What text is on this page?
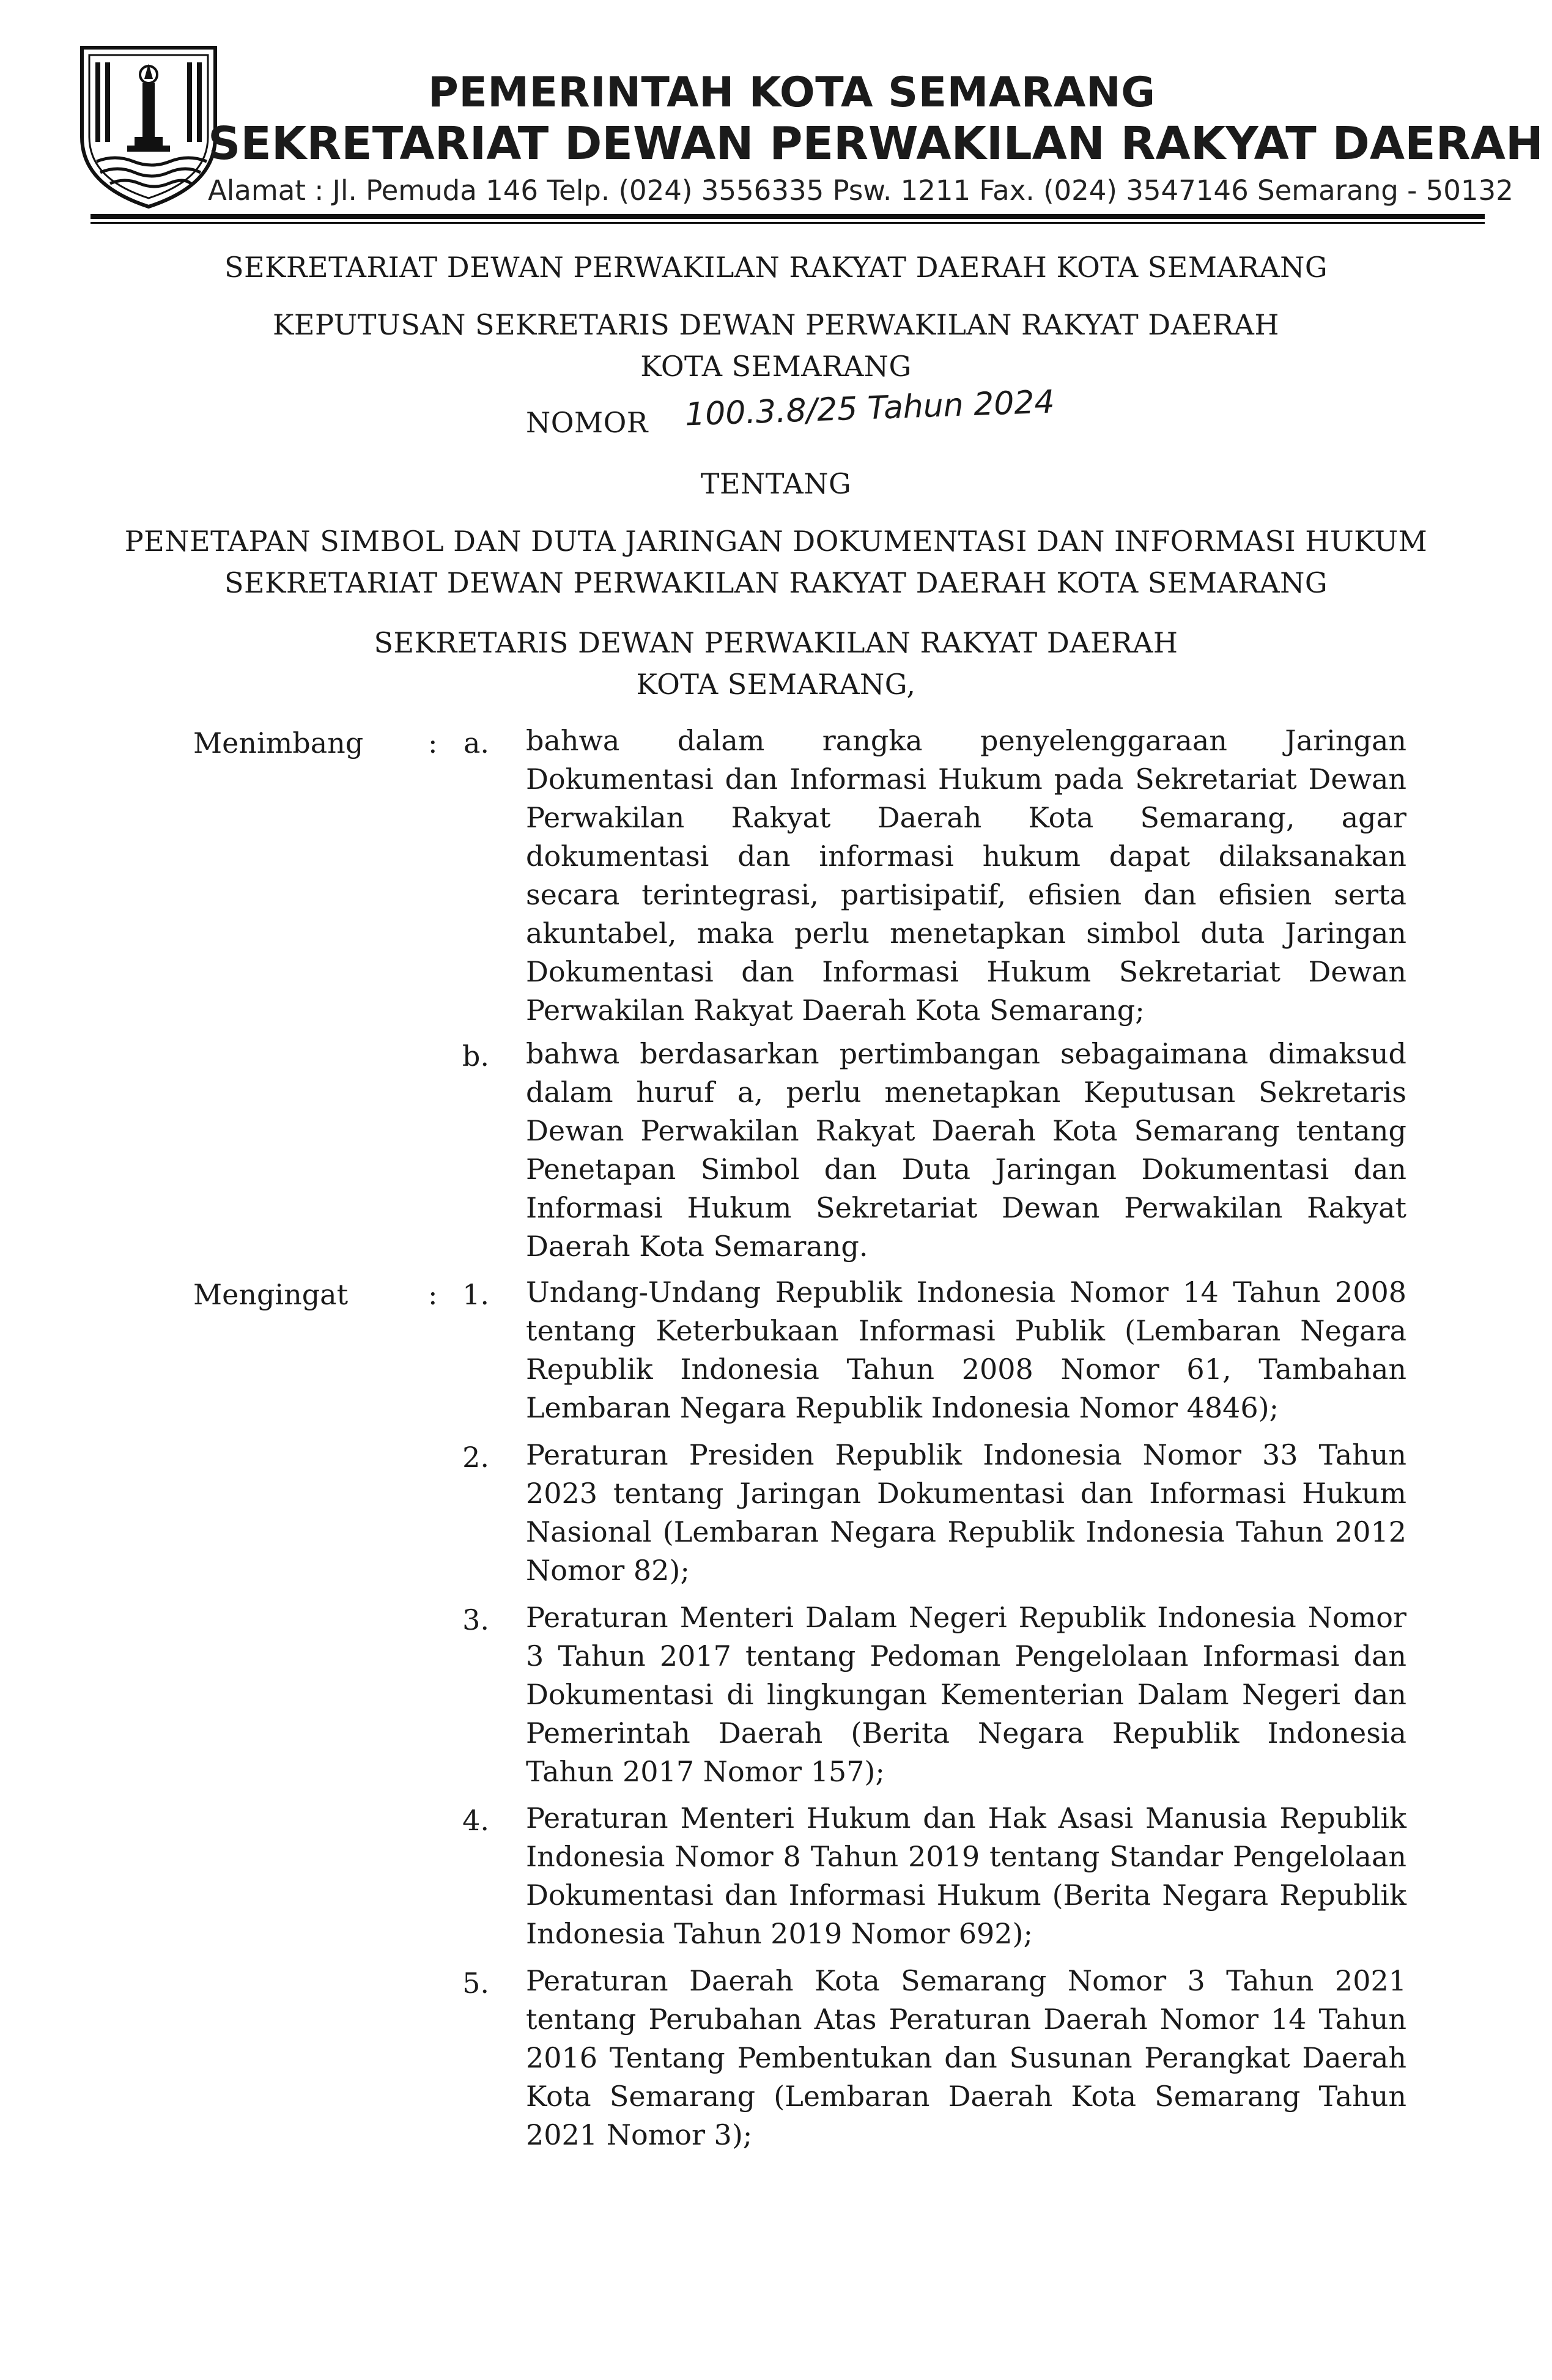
PEMERINTAH KOTA SEMARANG
SEKRETARIAT DEWAN PERWAKILAN RAKYAT DAERAH
Alamat : Jl. Pemuda 146 Telp. (024) 3556335 Psw. 1211 Fax. (024) 3547146 Semarang - 50132
SEKRETARIAT DEWAN PERWAKILAN RAKYAT DAERAH KOTA SEMARANG
KEPUTUSAN SEKRETARIS DEWAN PERWAKILAN RAKYAT DAERAH
KOTA SEMARANG
NOMOR 100.3.8/25 Tahun 2024
TENTANG
PENETAPAN SIMBOL DAN DUTA JARINGAN DOKUMENTASI DAN INFORMASI HUKUM
SEKRETARIAT DEWAN PERWAKILAN RAKYAT DAERAH KOTA SEMARANG
SEKRETARIS DEWAN PERWAKILAN RAKYAT DAERAH
KOTA SEMARANG,
Menimbang : a. bahwa dalam rangka penyelenggaraan Jaringan Dokumentasi dan Informasi Hukum pada Sekretariat Dewan Perwakilan Rakyat Daerah Kota Semarang, agar dokumentasi dan informasi hukum dapat dilaksanakan secara terintegrasi, partisipatif, efisien dan efisien serta akuntabel, maka perlu menetapkan simbol duta Jaringan Dokumentasi dan Informasi Hukum Sekretariat Dewan Perwakilan Rakyat Daerah Kota Semarang;
b. bahwa berdasarkan pertimbangan sebagaimana dimaksud dalam huruf a, perlu menetapkan Keputusan Sekretaris Dewan Perwakilan Rakyat Daerah Kota Semarang tentang Penetapan Simbol dan Duta Jaringan Dokumentasi dan Informasi Hukum Sekretariat Dewan Perwakilan Rakyat Daerah Kota Semarang.
Mengingat	: 1. Undang-Undang Republik Indonesia Nomor 14 Tahun 2008 tentang Keterbukaan Informasi Publik (Lembaran Negara Republik Indonesia Tahun 2008 Nomor 61, Tambahan Lembaran Negara Republik Indonesia Nomor 4846);
2. Peraturan Presiden Republik Indonesia Nomor 33 Tahun 2023 tentang Jaringan Dokumentasi dan Informasi Hukum Nasional (Lembaran Negara Republik Indonesia Tahun 2012 Nomor 82);
3. Peraturan Menteri Dalam Negeri Republik Indonesia Nomor 3 Tahun 2017 tentang Pedoman Pengelolaan Informasi dan Dokumentasi di lingkungan Kementerian Dalam Negeri dan Pemerintah Daerah (Berita Negara Republik Indonesia Tahun 2017 Nomor 157);
4. Peraturan Menteri Hukum dan Hak Asasi Manusia Republik Indonesia Nomor 8 Tahun 2019 tentang Standar Pengelolaan Dokumentasi dan Informasi Hukum (Berita Negara Republik Indonesia Tahun 2019 Nomor 692);
5. Peraturan Daerah Kota Semarang Nomor 3 Tahun 2021 tentang Perubahan Atas Peraturan Daerah Nomor 14 Tahun 2016 Tentang Pembentukan dan Susunan Perangkat Daerah Kota Semarang (Lembaran Daerah Kota Semarang Tahun 2021 Nomor 3);
